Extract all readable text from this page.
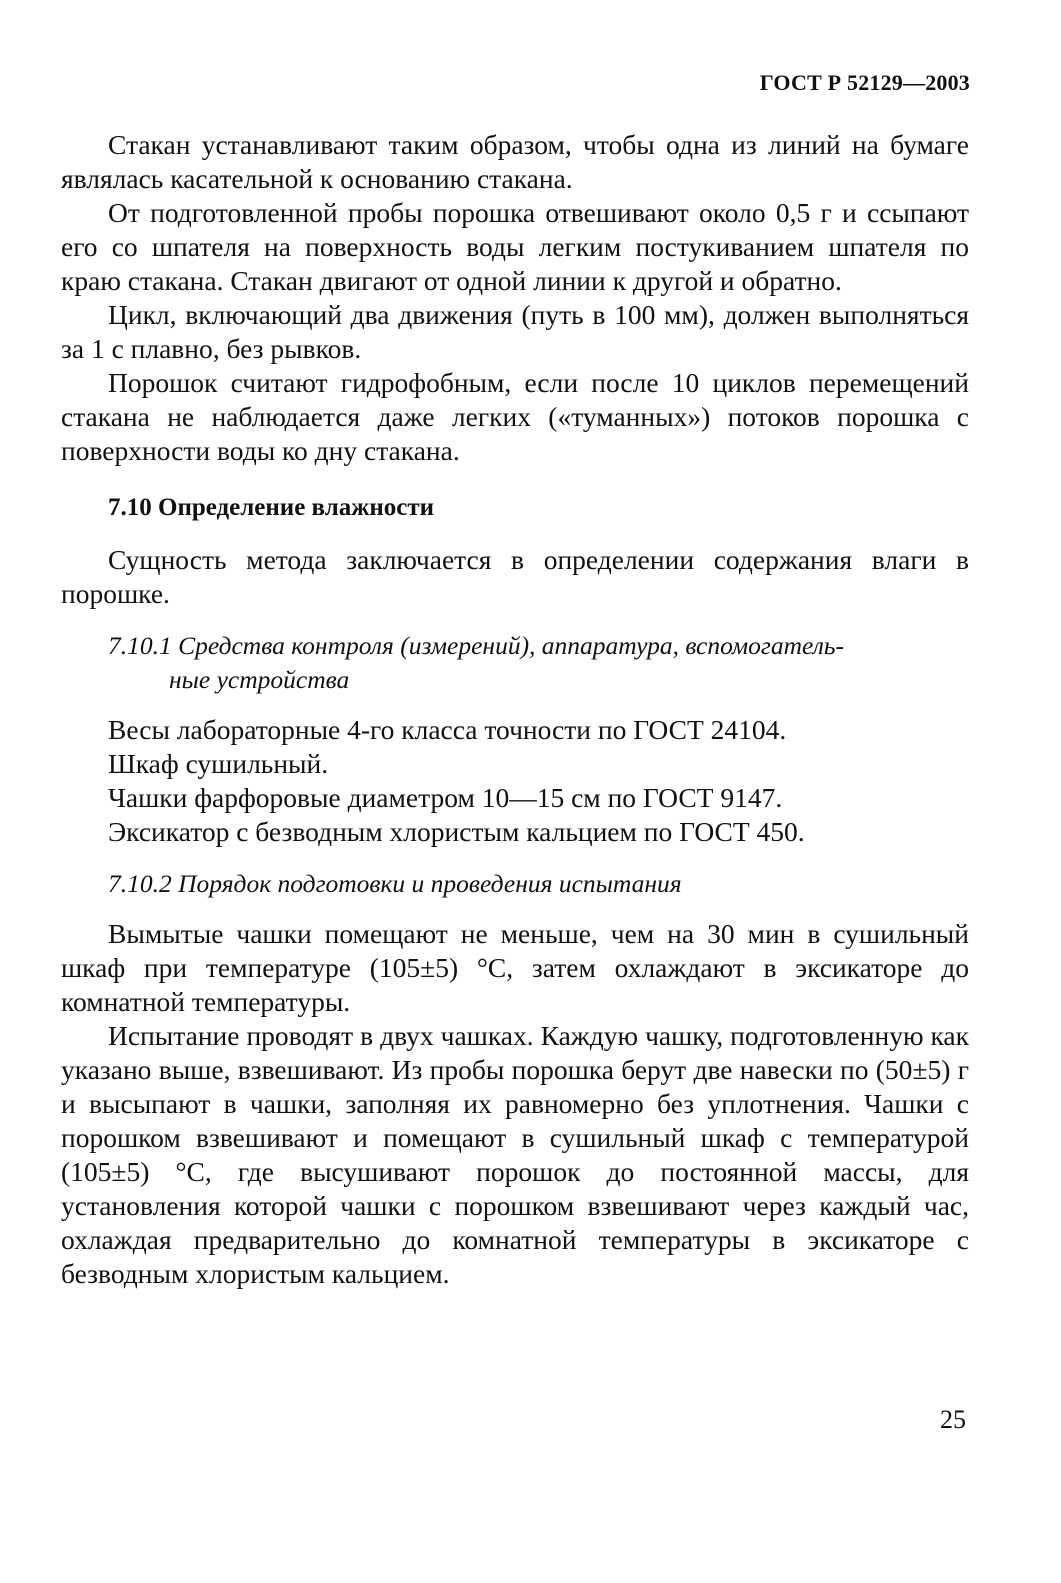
ГОСТ Р 52129—2003

Стакан устанавливают таким образом, чтобы одна из линий на бумаге являлась касательной к основанию стакана.

От подготовленной пробы порошка отвешивают около 0,5 г и ссыпают его со шпателя на поверхность воды легким постукиванием шпателя по краю стакана. Стакан двигают от одной линии к другой и обратно.

Цикл, включающий два движения (путь в 100 мм), должен выполняться за 1 с плавно, без рывков.

Порошок считают гидрофобным, если после 10 циклов перемещений стакана не наблюдается даже легких («туманных») потоков порошка с поверхности воды ко дну стакана.

7.10 Определение влажности

Сущность метода заключается в определении содержания влаги в порошке.

7.10.1 Средства контроля (измерений), аппаратура, вспомогатель-
ные устройства
Весы лабораторные 4-го класса точности по ГОСТ 24104.
Шкаф сушильный.
Чашки фарфоровые диаметром 10—15 см по ГОСТ 9147.
Эксикатор с безводным хлористым кальцием по ГОСТ 450.
7.10.2 Порядок подготовки и проведения испытания

Вымытые чашки помещают не меньше, чем на 30 мин в сушильный шкаф при температуре (105±5) °С, затем охлаждают в эксикаторе до комнатной температуры.

Испытание проводят в двух чашках. Каждую чашку, подготовленную как указано выше, взвешивают. Из пробы порошка берут две навески по (50±5) г и высыпают в чашки, заполняя их равномерно без уплотнения. Чашки с порошком взвешивают и помещают в сушильный шкаф с температурой (105±5) °С, где высушивают порошок до постоянной массы, для установления которой чашки с порошком взвешивают через каждый час, охлаждая предварительно до комнатной температуры в эксикаторе с безводным хлористым кальцием.

25
